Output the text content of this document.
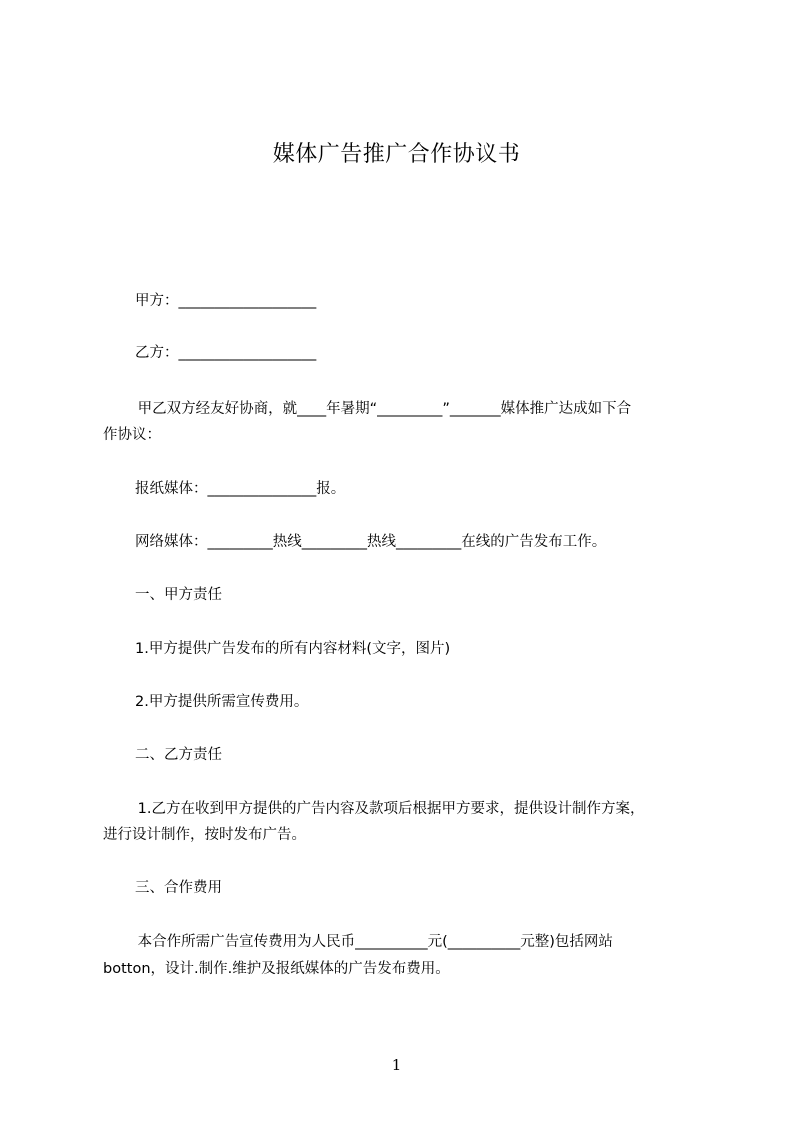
媒体广告推广合作协议书
甲方：___________________
乙方：___________________
甲乙双方经友好协商，就____年暑期“_________”_______媒体推广达成如下合
作协议：
报纸媒体：_______________报。
网络媒体：_________热线_________热线_________在线的广告发布工作。
一、甲方责任
1.甲方提供广告发布的所有内容材料(文字，图片)
2.甲方提供所需宣传费用。
二、乙方责任
1.乙方在收到甲方提供的广告内容及款项后根据甲方要求，提供设计制作方案，
进行设计制作，按时发布广告。
三、合作费用
本合作所需广告宣传费用为人民币__________元(__________元整)包括网站
botton，设计.制作.维护及报纸媒体的广告发布费用。
1
